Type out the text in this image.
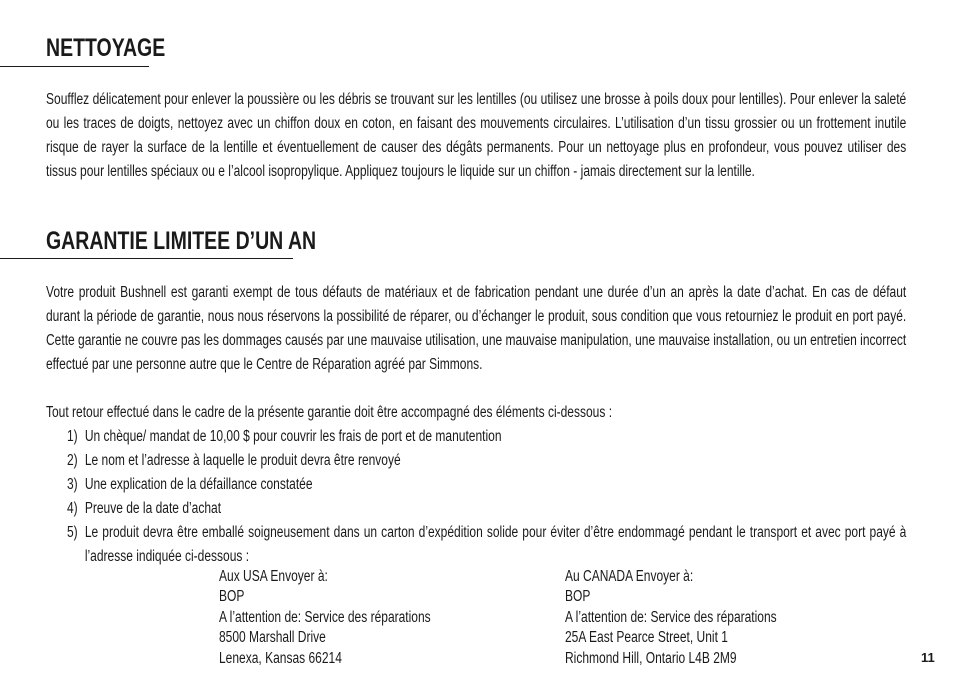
NETTOYAGE

Soufflez délicatement pour enlever la poussière ou les débris se trouvant sur les lentilles (ou utilisez une brosse à poils doux pour lentilles). Pour enlever la saleté ou les traces de doigts, nettoyez avec un chiffon doux en coton, en faisant des mouvements circulaires. L’utilisation d’un tissu grossier ou un frottement inutile risque de rayer la surface de la lentille et éventuellement de causer des dégâts permanents. Pour un nettoyage plus en profondeur, vous pouvez utiliser des tissus pour lentilles spéciaux ou e l’alcool isopropylique. Appliquez toujours le liquide sur un chiffon - jamais directement sur la lentille.

GARANTIE LIMITEE D’UN AN

Votre produit Bushnell est garanti exempt de tous défauts de matériaux et de fabrication pendant une durée d’un an après la date d’achat. En cas de défaut durant la période de garantie, nous nous réservons la possibilité de réparer, ou d’échanger le produit, sous condition que vous retourniez le produit en port payé. Cette garantie ne couvre pas les dommages causés par une mauvaise utilisation, une mauvaise manipulation, une mauvaise installation, ou un entretien incorrect effectué par une personne autre que le Centre de Réparation agréé par Simmons.

Tout retour effectué dans le cadre de la présente garantie doit être accompagné des éléments ci-dessous :

1) Un chèque/ mandat de 10,00 $ pour couvrir les frais de port et de manutention
2) Le nom et l’adresse à laquelle le produit devra être renvoyé
3) Une explication de la défaillance constatée
4) Preuve de la date d’achat
5) Le produit devra être emballé soigneusement dans un carton d’expédition solide pour éviter d’être endommagé pendant le transport et avec port payé à l’adresse indiquée ci-dessous :
Aux USA Envoyer à:
BOP
A l’attention de: Service des réparations
8500 Marshall Drive
Lenexa, Kansas 66214
Au CANADA Envoyer à:
BOP
A l’attention de: Service des réparations
25A East Pearce Street, Unit 1
Richmond Hill, Ontario L4B 2M9	11
